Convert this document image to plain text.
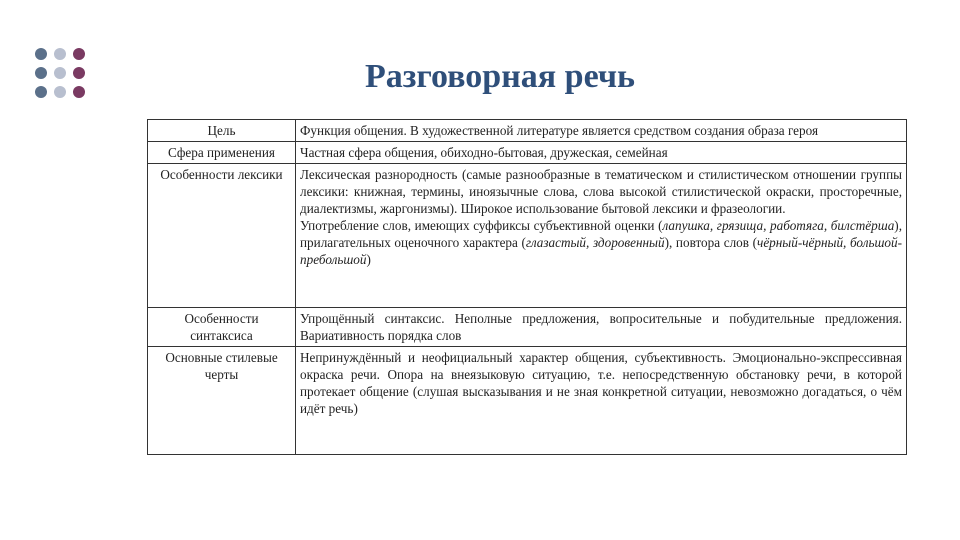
Разговорная речь
Цель	Функция общения. В художественной литературе является средством создания образа героя
Сфера применения	Частная сфера общения, обиходно-бытовая, дружеская, семейная
Особенности лексики	Лексическая разнородность (самые разнообразные в тематическом и стилистическом отношении группы лексики: книжная, термины, иноязычные слова, слова высокой стилистической окраски, просторечные, диалектизмы, жаргонизмы). Широкое использование бытовой лексики и фразеологии.
Употребление слов, имеющих суффиксы субъективной оценки (лапушка, грязища, работяга, билстёрша), прилагательных оценочного характера (глазастый, здоровенный), повтора слов (чёрный-чёрный, большой-пребольшой)

Особенности синтаксиса	Упрощённый синтаксис. Неполные предложения, вопросительные и побудительные предложения. Вариативность порядка слов
Основные стилевые черты	Непринуждённый и неофициальный характер общения, субъективность. Эмоционально-экспрессивная окраска речи. Опора на внеязыковую ситуацию, т.е. непосредственную обстановку речи, в которой протекает общение (слушая высказывания и не зная конкретной ситуации, невозможно догадаться, о чём идёт речь)
